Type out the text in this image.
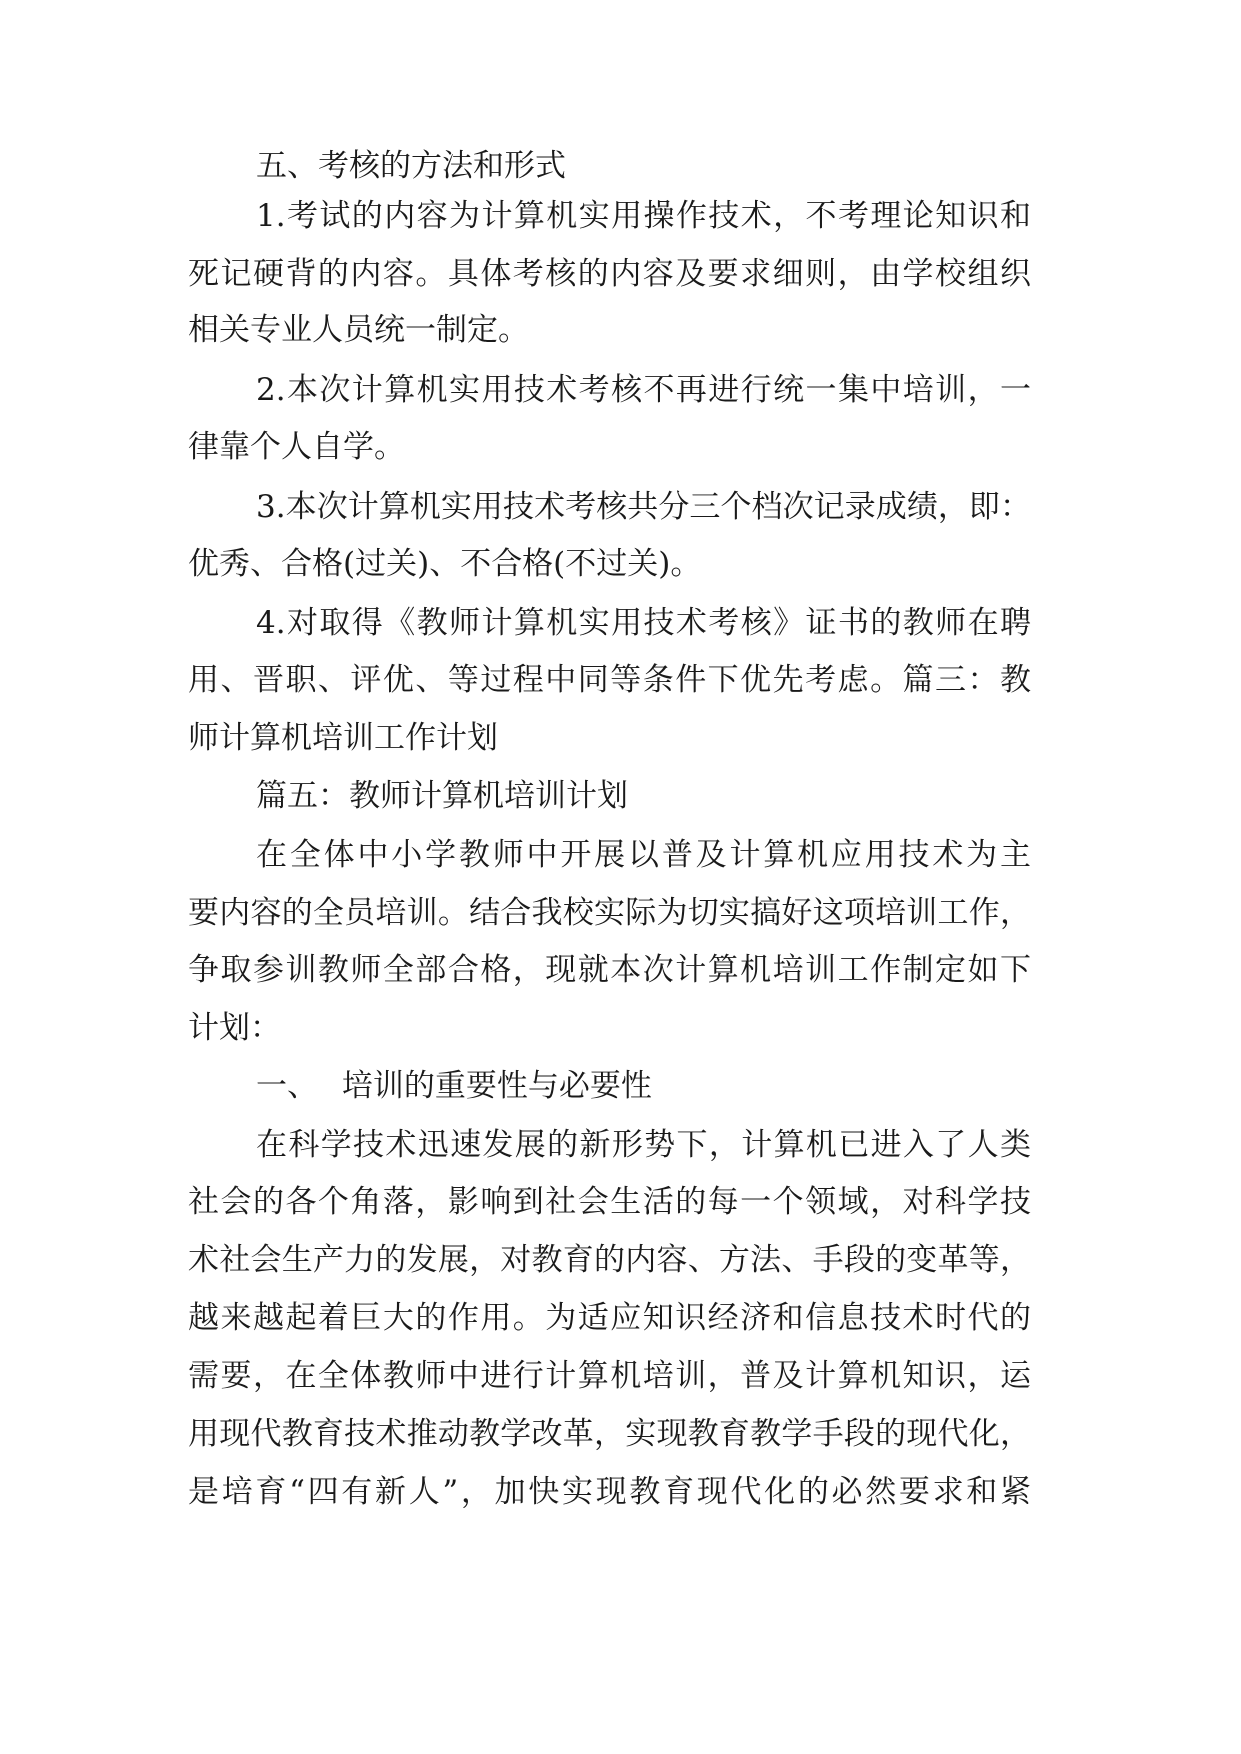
五、考核的方法和形式
1.考试的内容为计算机实用操作技术，不考理论知识和
死记硬背的内容。具体考核的内容及要求细则，由学校组织
相关专业人员统一制定。
2.本次计算机实用技术考核不再进行统一集中培训，一
律靠个人自学。
3.本次计算机实用技术考核共分三个档次记录成绩，即：
优秀、合格(过关)、不合格(不过关)。
4.对取得《教师计算机实用技术考核》证书的教师在聘
用、晋职、评优、等过程中同等条件下优先考虑。篇三：教
师计算机培训工作计划
篇五：教师计算机培训计划
在全体中小学教师中开展以普及计算机应用技术为主
要内容的全员培训。结合我校实际为切实搞好这项培训工作，
争取参训教师全部合格，现就本次计算机培训工作制定如下
计划：
一、 培训的重要性与必要性
在科学技术迅速发展的新形势下，计算机已进入了人类
社会的各个角落，影响到社会生活的每一个领域，对科学技
术社会生产力的发展，对教育的内容、方法、手段的变革等，
越来越起着巨大的作用。为适应知识经济和信息技术时代的
需要，在全体教师中进行计算机培训，普及计算机知识，运
用现代教育技术推动教学改革，实现教育教学手段的现代化，
是培育“四有新人”，加快实现教育现代化的必然要求和紧
